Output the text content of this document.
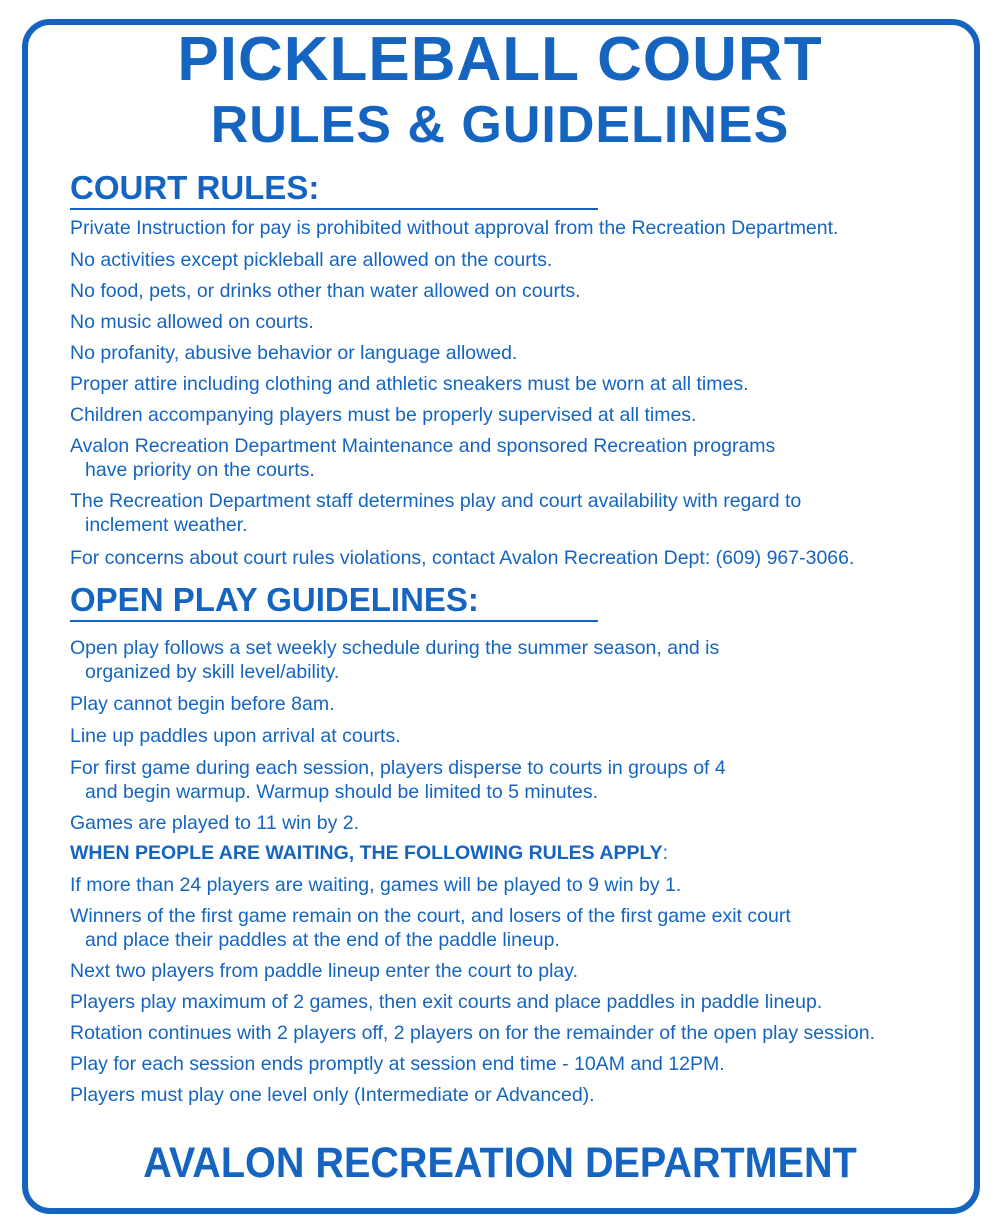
PICKLEBALL COURT
RULES & GUIDELINES
COURT RULES:
Private Instruction for pay is prohibited without approval from the Recreation Department.
No activities except pickleball are allowed on the courts.
No food, pets, or drinks other than water allowed on courts.
No music allowed on courts.
No profanity, abusive behavior or language allowed.
Proper attire including clothing and athletic sneakers must be worn at all times.
Children accompanying players must be properly supervised at all times.
Avalon Recreation Department Maintenance and sponsored Recreation programs
have priority on the courts.
The Recreation Department staff determines play and court availability with regard to
inclement weather.
For concerns about court rules violations, contact Avalon Recreation Dept: (609) 967-3066.
OPEN PLAY GUIDELINES:
Open play follows a set weekly schedule during the summer season, and is
organized by skill level/ability.
Play cannot begin before 8am.
Line up paddles upon arrival at courts.
For first game during each session, players disperse to courts in groups of 4
and begin warmup. Warmup should be limited to 5 minutes.
Games are played to 11 win by 2.
WHEN PEOPLE ARE WAITING, THE FOLLOWING RULES APPLY:
If more than 24 players are waiting, games will be played to 9 win by 1.
Winners of the first game remain on the court, and losers of the first game exit court
and place their paddles at the end of the paddle lineup.
Next two players from paddle lineup enter the court to play.
Players play maximum of 2 games, then exit courts and place paddles in paddle lineup.
Rotation continues with 2 players off, 2 players on for the remainder of the open play session.
Play for each session ends promptly at session end time - 10AM and 12PM.
Players must play one level only (Intermediate or Advanced).
AVALON RECREATION DEPARTMENT
